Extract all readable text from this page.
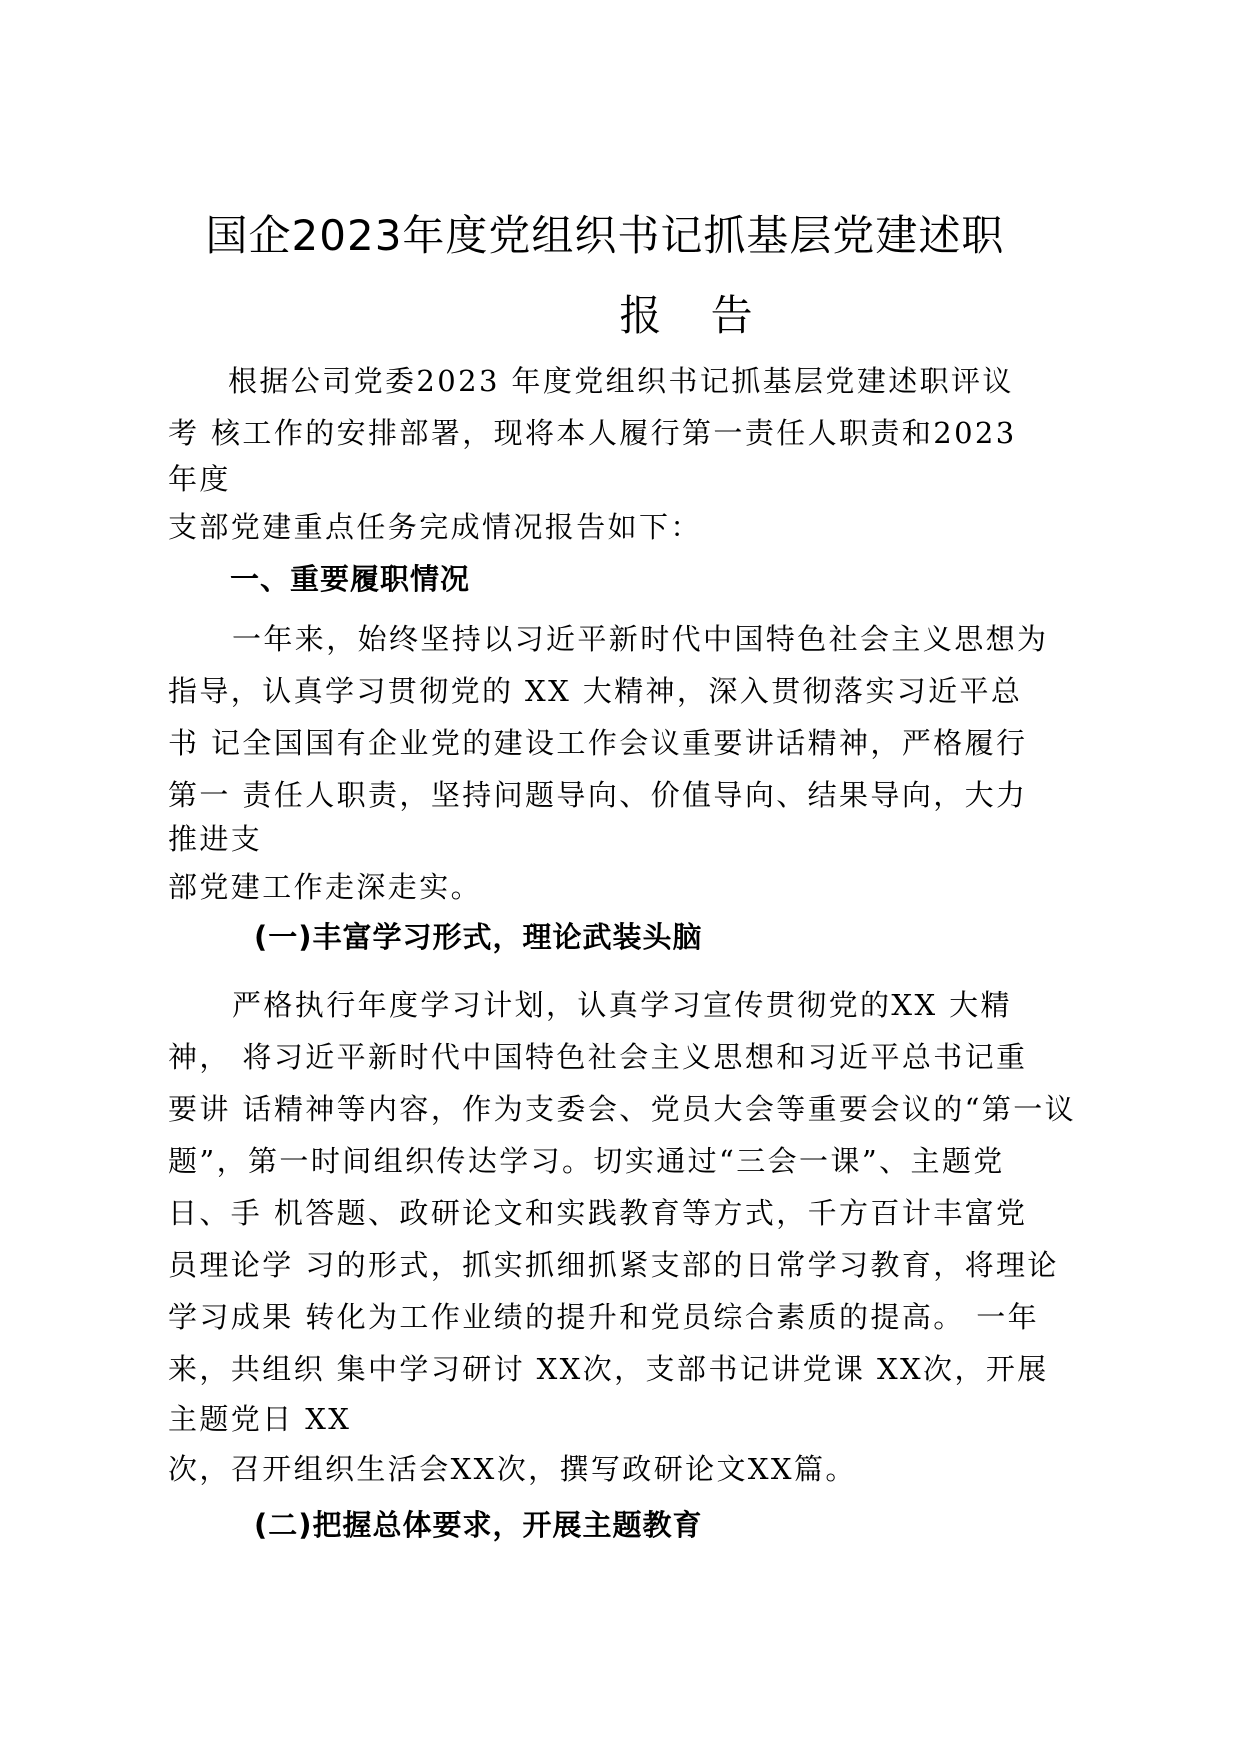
国企2023年度党组织书记抓基层党建述职
报 告
根据公司党委2023 年度党组织书记抓基层党建述职评议
考 核工作的安排部署，现将本人履行第一责任人职责和2023
年度
支部党建重点任务完成情况报告如下：
一、重要履职情况
一年来，始终坚持以习近平新时代中国特色社会主义思想为
指导，认真学习贯彻党的 XX 大精神，深入贯彻落实习近平总
书 记全国国有企业党的建设工作会议重要讲话精神，严格履行
第一 责任人职责，坚持问题导向、价值导向、结果导向，大力
推进支
部党建工作走深走实。
(一)丰富学习形式，理论武装头脑
严格执行年度学习计划，认真学习宣传贯彻党的XX 大精
神， 将习近平新时代中国特色社会主义思想和习近平总书记重
要讲 话精神等内容，作为支委会、党员大会等重要会议的“第一议
题”，第一时间组织传达学习。切实通过“三会一课”、主题党
日、手 机答题、政研论文和实践教育等方式，千方百计丰富党
员理论学 习的形式，抓实抓细抓紧支部的日常学习教育，将理论
学习成果 转化为工作业绩的提升和党员综合素质的提高。 一年
来，共组织 集中学习研讨 XX次，支部书记讲党课 XX次，开展
主题党日 XX
次，召开组织生活会XX次，撰写政研论文XX篇。
(二)把握总体要求，开展主题教育
